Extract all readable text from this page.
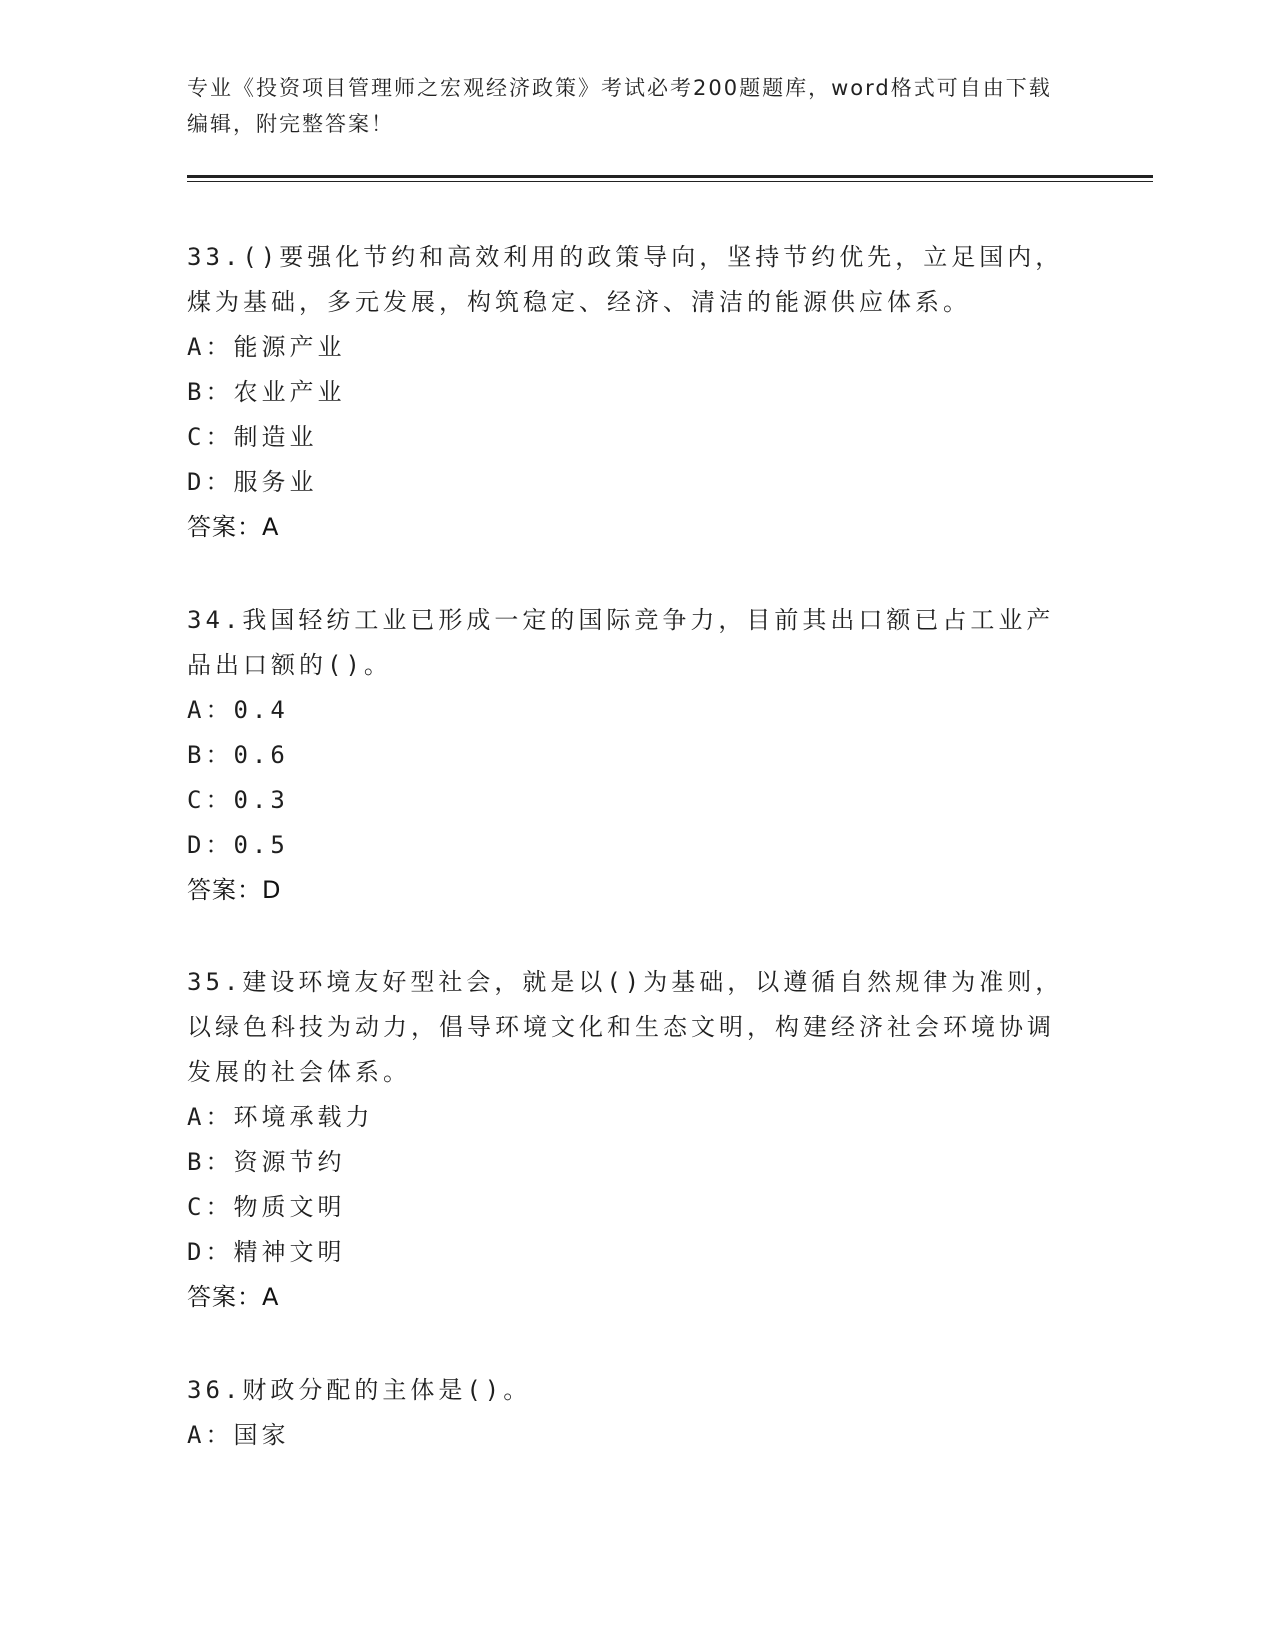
专业《投资项目管理师之宏观经济政策》考试必考200题题库，word格式可自由下载编辑，附完整答案！

33.()要强化节约和高效利用的政策导向，坚持节约优先，立足国内，煤为基础，多元发展，构筑稳定、经济、清洁的能源供应体系。

A：能源产业

B：农业产业

C：制造业

D：服务业

答案：A

34.我国轻纺工业已形成一定的国际竞争力，目前其出口额已占工业产品出口额的()。

A：0.4

B：0.6

C：0.3

D：0.5

答案：D

35.建设环境友好型社会，就是以()为基础，以遵循自然规律为准则，以绿色科技为动力，倡导环境文化和生态文明，构建经济社会环境协调发展的社会体系。

A：环境承载力

B：资源节约

C：物质文明

D：精神文明

答案：A

36.财政分配的主体是()。

A：国家
